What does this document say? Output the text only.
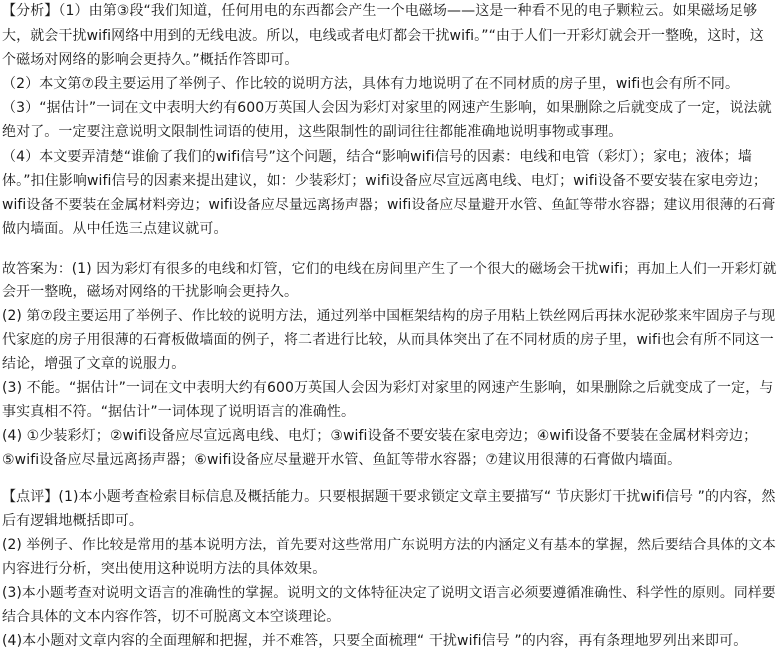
【分析】（1）由第③段“我们知道，任何用电的东西都会产生一个电磁场——这是一种看不见的电子颗粒云。如果磁场足够
大，就会干扰wifi网络中用到的无线电波。所以，电线或者电灯都会干扰wifi。”“由于人们一开彩灯就会开一整晚，这时，这
个磁场对网络的影响会更持久。”概括作答即可。
（2）本文第⑦段主要运用了举例子、作比较的说明方法，具体有力地说明了在不同材质的房子里，wifi也会有所不同。
（3）“据估计”一词在文中表明大约有600万英国人会因为彩灯对家里的网速产生影响，如果删除之后就变成了一定，说法就
绝对了。一定要注意说明文限制性词语的使用，这些限制性的副词往往都能准确地说明事物或事理。
（4）本文要弄清楚“谁偷了我们的wifi信号”这个问题，结合“影响wifi信号的因素：电线和电管（彩灯）；家电；液体；墙
体。”扣住影响wifi信号的因素来提出建议，如：少装彩灯；wifi设备应尽宣远离电线、电灯；wifi设备不要安装在家电旁边；
wifi设备不要装在金属材料旁边；wifi设备应尽量远离扬声器；wifi设备应尽量避开水管、鱼缸等带水容器；建议用很薄的石膏
做内墙面。从中任选三点建议就可。
故答案为：(1) 因为彩灯有很多的电线和灯管，它们的电线在房间里产生了一个很大的磁场会干扰wifi；再加上人们一开彩灯就
会开一整晚，磁场对网络的干扰影响会更持久。
(2) 第⑦段主要运用了举例子、作比较的说明方法，通过列举中国框架结构的房子用粘上铁丝网后再抹水泥砂浆来牢固房子与现
代家庭的房子用很薄的石膏板做墙面的例子，将二者进行比较，从而具体突出了在不同材质的房子里，wifi也会有所不同这一
结论，增强了文章的说服力。
(3) 不能。“据估计”一词在文中表明大约有600万英国人会因为彩灯对家里的网速产生影响，如果删除之后就变成了一定，与
事实真相不符。“据估计”一词体现了说明语言的准确性。
(4) ①少装彩灯；②wifi设备应尽宣远离电线、电灯；③wifi设备不要安装在家电旁边；④wifi设备不要装在金属材料旁边；
⑤wifi设备应尽量远离扬声器；⑥wifi设备应尽量避开水管、鱼缸等带水容器；⑦建议用很薄的石膏做内墙面。
【点评】(1)本小题考查检索目标信息及概括能力。只要根据题干要求锁定文章主要描写“ 节庆影灯干扰wifi信号 ”的内容，然
后有逻辑地概括即可。
(2) 举例子、作比较是常用的基本说明方法，首先要对这些常用广东说明方法的内涵定义有基本的掌握，然后要结合具体的文本
内容进行分析，突出使用这种说明方法的具体效果。
(3)本小题考查对说明文语言的准确性的掌握。说明文的文体特征决定了说明文语言必须要遵循准确性、科学性的原则。同样要
结合具体的文本内容作答，切不可脱离文本空谈理论。
(4)本小题对文章内容的全面理解和把握，并不难答，只要全面梳理“ 干扰wifi信号 ”的内容，再有条理地罗列出来即可。
